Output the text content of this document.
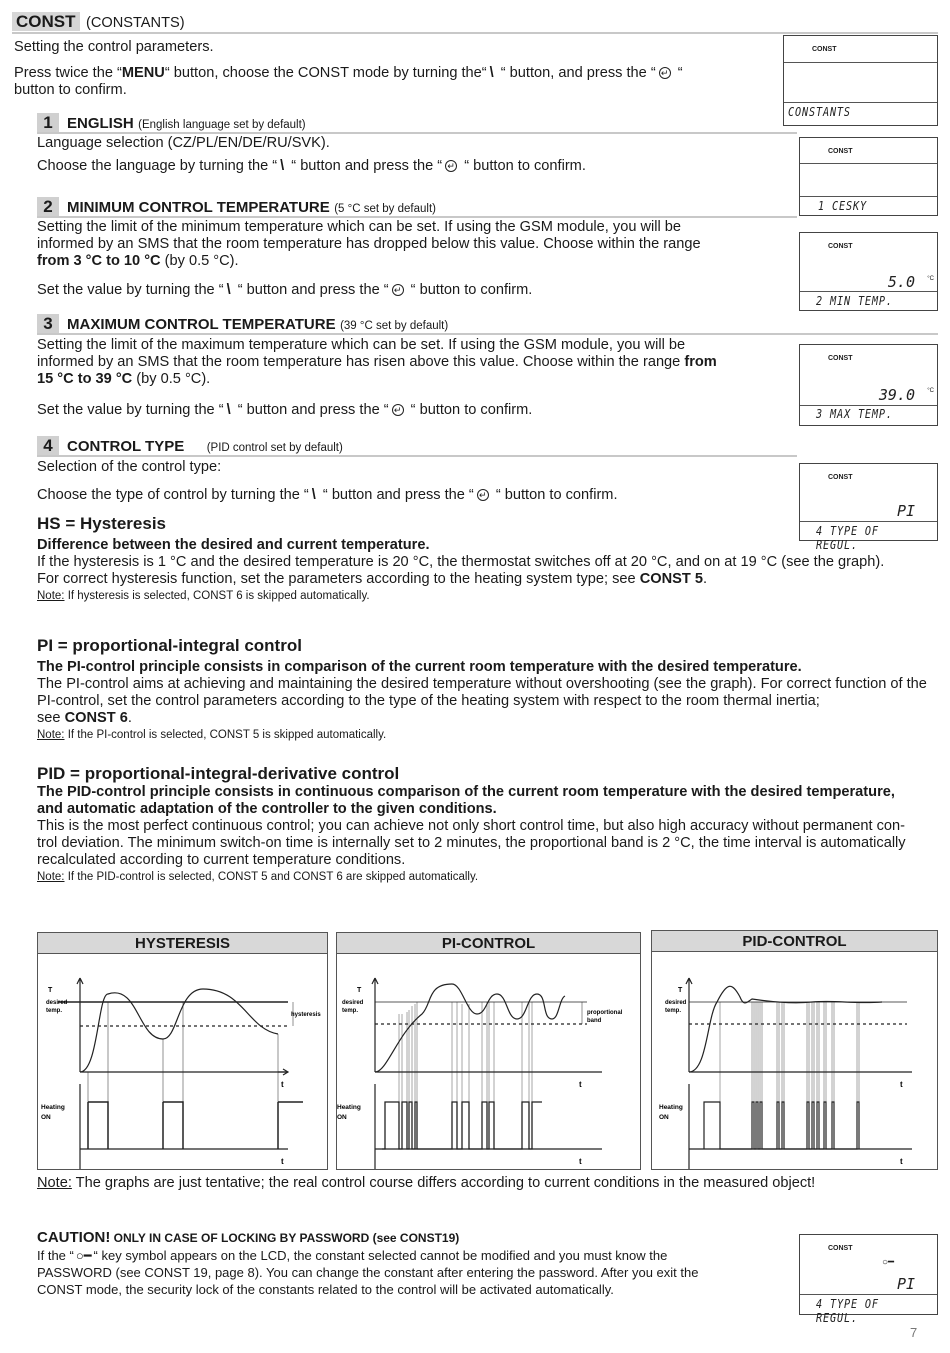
CONST (CONSTANTS)
Setting the control parameters.
Press twice the “MENU“ button, choose the CONST mode by turning the“ \ “ button, and press the “ ↵ “
button to confirm.
1 ENGLISH (English language set by default)
Language selection (CZ/PL/EN/DE/RU/SVK).
Choose the language by turning the “ \ “ button and press the “ ↵ “ button to confirm.
2 MINIMUM CONTROL TEMPERATURE (5 °C set by default)
Setting the limit of the minimum temperature which can be set. If using the GSM module, you will be
informed by an SMS that the room temperature has dropped below this value. Choose within the range
from 3 °C to 10 °C (by 0.5 °C).
Set the value by turning the “ \ “ button and press the “ ↵ “ button to confirm.
3 MAXIMUM CONTROL TEMPERATURE (39 °C set by default)
Setting the limit of the maximum temperature which can be set. If using the GSM module, you will be
informed by an SMS that the room temperature has risen above this value. Choose within the range from
15 °C to 39 °C (by 0.5 °C).
Set the value by turning the “ \ “ button and press the “ ↵ “ button to confirm.
4 CONTROL TYPE (PID control set by default)
Selection of the control type:
Choose the type of control by turning the “ \ “ button and press the “ ↵ “ button to confirm.
HS = Hysteresis
Difference between the desired and current temperature.
If the hysteresis is 1 °C and the desired temperature is 20 °C, the thermostat switches off at 20 °C, and on at 19 °C (see the graph).
For correct hysteresis function, set the parameters according to the heating system type; see CONST 5.
Note: If hysteresis is selected, CONST 6 is skipped automatically.
PI = proportional-integral control
The PI-control principle consists in comparison of the current room temperature with the desired temperature.
The PI-control aims at achieving and maintaining the desired temperature without overshooting (see the graph). For correct function of the
PI-control, set the control parameters according to the type of the heating system with respect to the room thermal inertia;
see CONST 6.
Note: If the PI-control is selected, CONST 5 is skipped automatically.
PID = proportional-integral-derivative control
The PID-control principle consists in continuous comparison of the current room temperature with the desired temperature,
and automatic adaptation of the controller to the given conditions.
This is the most perfect continuous control; you can achieve not only short control time, but also high accuracy without permanent con-
trol deviation. The minimum switch-on time is internally set to 2 minutes, the proportional band is 2 °C, the time interval is automatically
recalculated according to current temperature conditions.
Note: If the PID-control is selected, CONST 5 and CONST 6 are skipped automatically.
HYSTERESIS
T
desired
temp.
hysteresis
t
t
Heating
ON
PI-CONTROL
T
desired
temp.	proportional
band
t
t
Heating
ON
PID-CONTROL
T
desired
temp.
t
t
Heating
ON
Note: The graphs are just tentative; the real control course differs according to current conditions in the measured object!
CAUTION! ONLY IN CASE OF LOCKING BY PASSWORD (see CONST19)
If the “ ○━ “ key symbol appears on the LCD, the constant selected cannot be modified and you must know the
PASSWORD (see CONST 19, page 8). You can change the constant after entering the password. After you exit the
CONST mode, the security lock of the constants related to the control will be activated automatically.
CONST
CONSTANTS
CONST
1 CESKY
CONST
5.0 °C
2 MIN TEMP.
CONST
39.0 °C
3 MAX TEMP.
CONST
PI
4 TYPE OF REGUL.
CONST
○━
PI
4 TYPE OF REGUL.
7
